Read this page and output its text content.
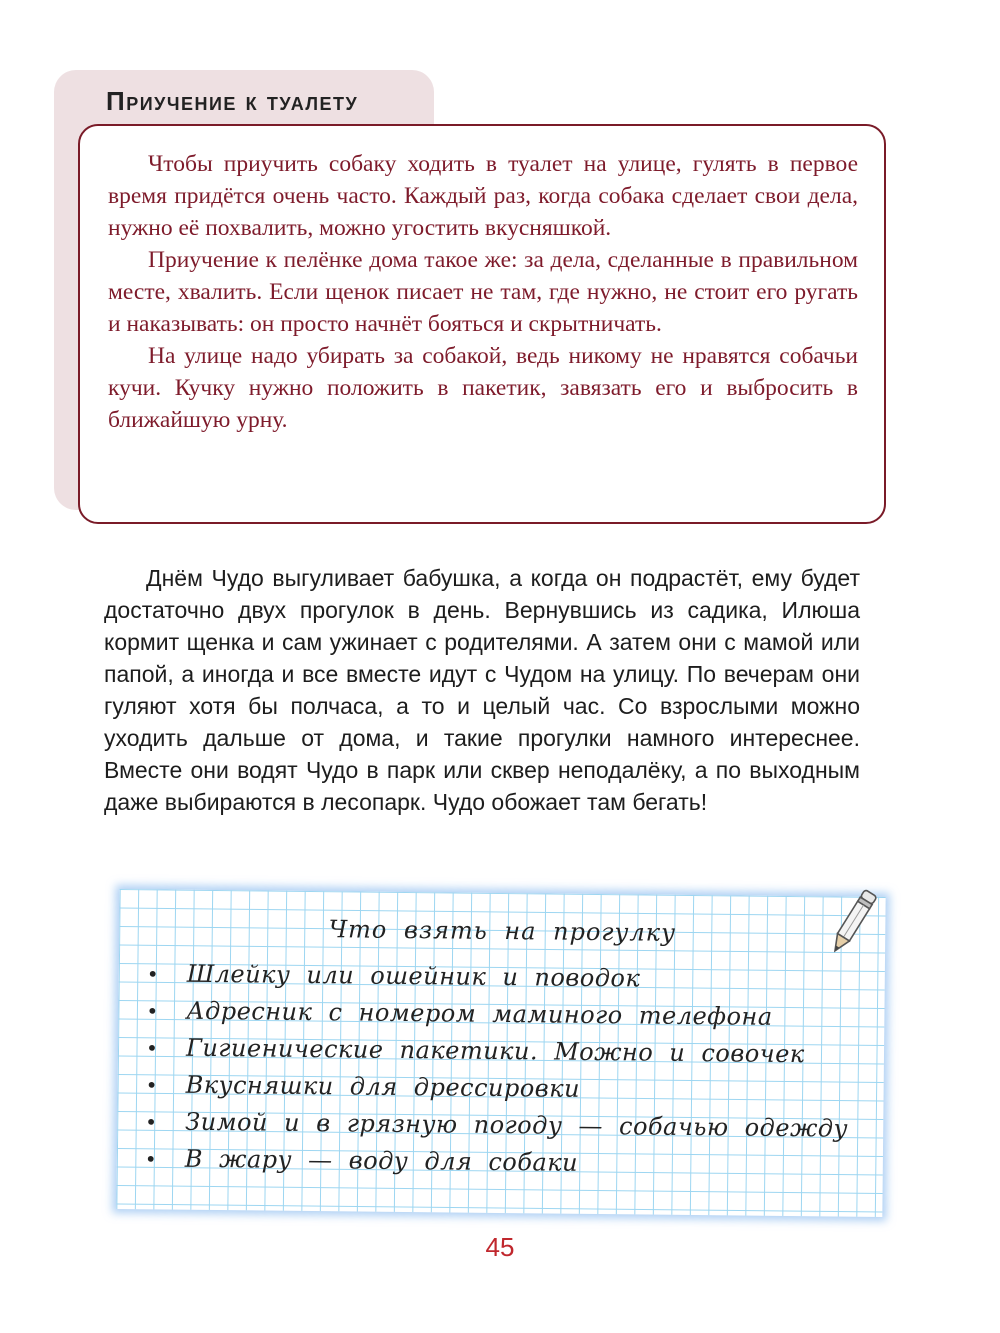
Приучение к туалету

Чтобы приучить собаку ходить в туалет на улице, гулять в первое время придётся очень часто. Каждый раз, когда собака сделает свои дела, нужно её похвалить, можно угостить вкусняшкой.

Приучение к пелёнке дома такое же: за дела, сделанные в правильном месте, хвалить. Если щенок писает не там, где нужно, не стоит его ругать и наказывать: он просто начнёт бояться и скрытничать.

На улице надо убирать за собакой, ведь никому не нравятся собачьи кучи. Кучку нужно положить в пакетик, завязать его и выбросить в ближайшую урну.

Днём Чудо выгуливает бабушка, а когда он подрастёт, ему будет достаточно двух прогулок в день. Вернувшись из садика, Илюша кормит щенка и сам ужинает с родителями. А затем они с мамой или папой, а иногда и все вместе идут с Чудом на улицу. По вечерам они гуляют хотя бы полчаса, а то и целый час. Со взрослыми можно уходить дальше от дома, и такие прогулки намного интереснее. Вместе они водят Чудо в парк или сквер неподалёку, а по выходным даже выбираются в лесопарк. Чудо обожает там бегать!

Что взять на прогулку
• Шлейку или ошейник и поводок
• Адресник с номером маминого телефона
• Гигиенические пакетики. Можно и совочек
• Вкусняшки для дрессировки
• Зимой и в грязную погоду — собачью одежду
• В жару — воду для собаки
45
